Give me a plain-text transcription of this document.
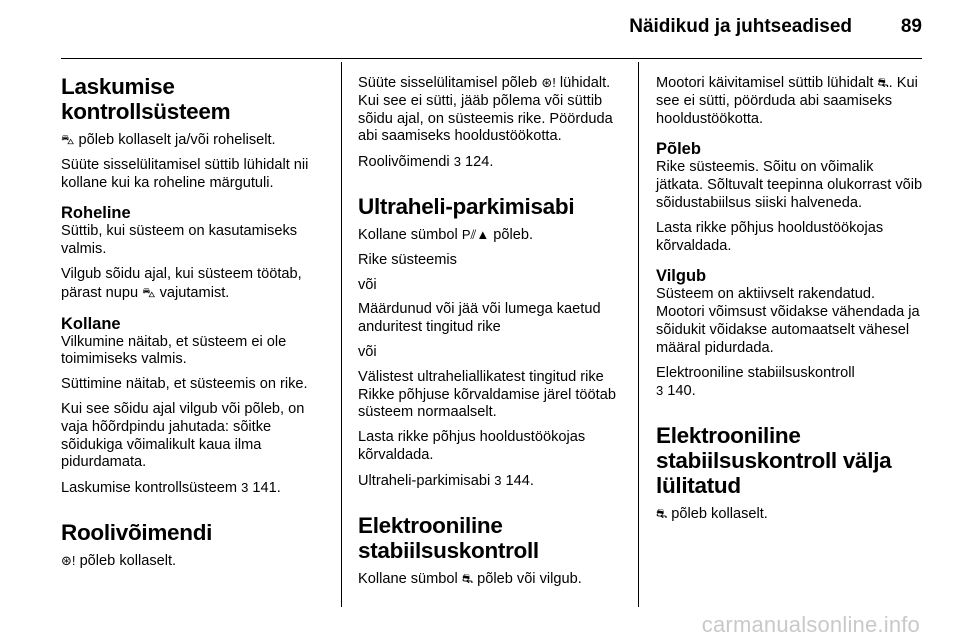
Näidikud ja juhtseadised	89
Laskumise
kontrollsüsteem

⛍ põleb kollaselt ja/või roheliselt.

Süüte sisselülitamisel süttib lühidalt nii kollane kui ka roheline märgutuli.

Roheline

Süttib, kui süsteem on kasutamiseks valmis.

Vilgub sõidu ajal, kui süsteem töötab, pärast nupu ⛍ vajutamist.

Kollane

Vilkumine näitab, et süsteem ei ole toimimiseks valmis.

Süttimine näitab, et süsteemis on rike.

Kui see sõidu ajal vilgub või põleb, on vaja hõõrdpindu jahutada: sõitke sõidukiga võimalikult kaua ilma pidurdamata.

Laskumise kontrollsüsteem 3 141.

Roolivõimendi

⊛! põleb kollaselt.

Süüte sisselülitamisel põleb ⊛! lühidalt. Kui see ei sütti, jääb põlema või süttib sõidu ajal, on süsteemis rike. Pöörduda abi saamiseks hooldustöökotta.

Roolivõimendi 3 124.

Ultraheli-parkimisabi

Kollane sümbol P⫽▲ põleb.

Rike süsteemis

või

Määrdunud või jää või lumega kaetud anduritest tingitud rike

või

Välistest ultraheliallikatest tingitud rike Rikke põhjuse kõrvaldamise järel töötab süsteem normaalselt.

Lasta rikke põhjus hooldustöökojas kõrvaldada.

Ultraheli-parkimisabi 3 144.

Elektrooniline
stabiilsuskontroll

Kollane sümbol ⛐ põleb või vilgub.

Mootori käivitamisel süttib lühidalt ⛐. Kui see ei sütti, pöörduda abi saamiseks hooldustöökotta.

Põleb

Rike süsteemis. Sõitu on võimalik jätkata. Sõltuvalt teepinna olukorrast võib sõidustabiilsus siiski halveneda.

Lasta rikke põhjus hooldustöökojas kõrvaldada.

Vilgub

Süsteem on aktiivselt rakendatud. Mootori võimsust võidakse vähendada ja sõidukit võidakse automaatselt vähesel määral pidurdada.

Elektrooniline stabiilsuskontroll
3 140.

Elektrooniline
stabiilsuskontroll välja
lülitatud

⛐ põleb kollaselt.

carmanualsonline.info
